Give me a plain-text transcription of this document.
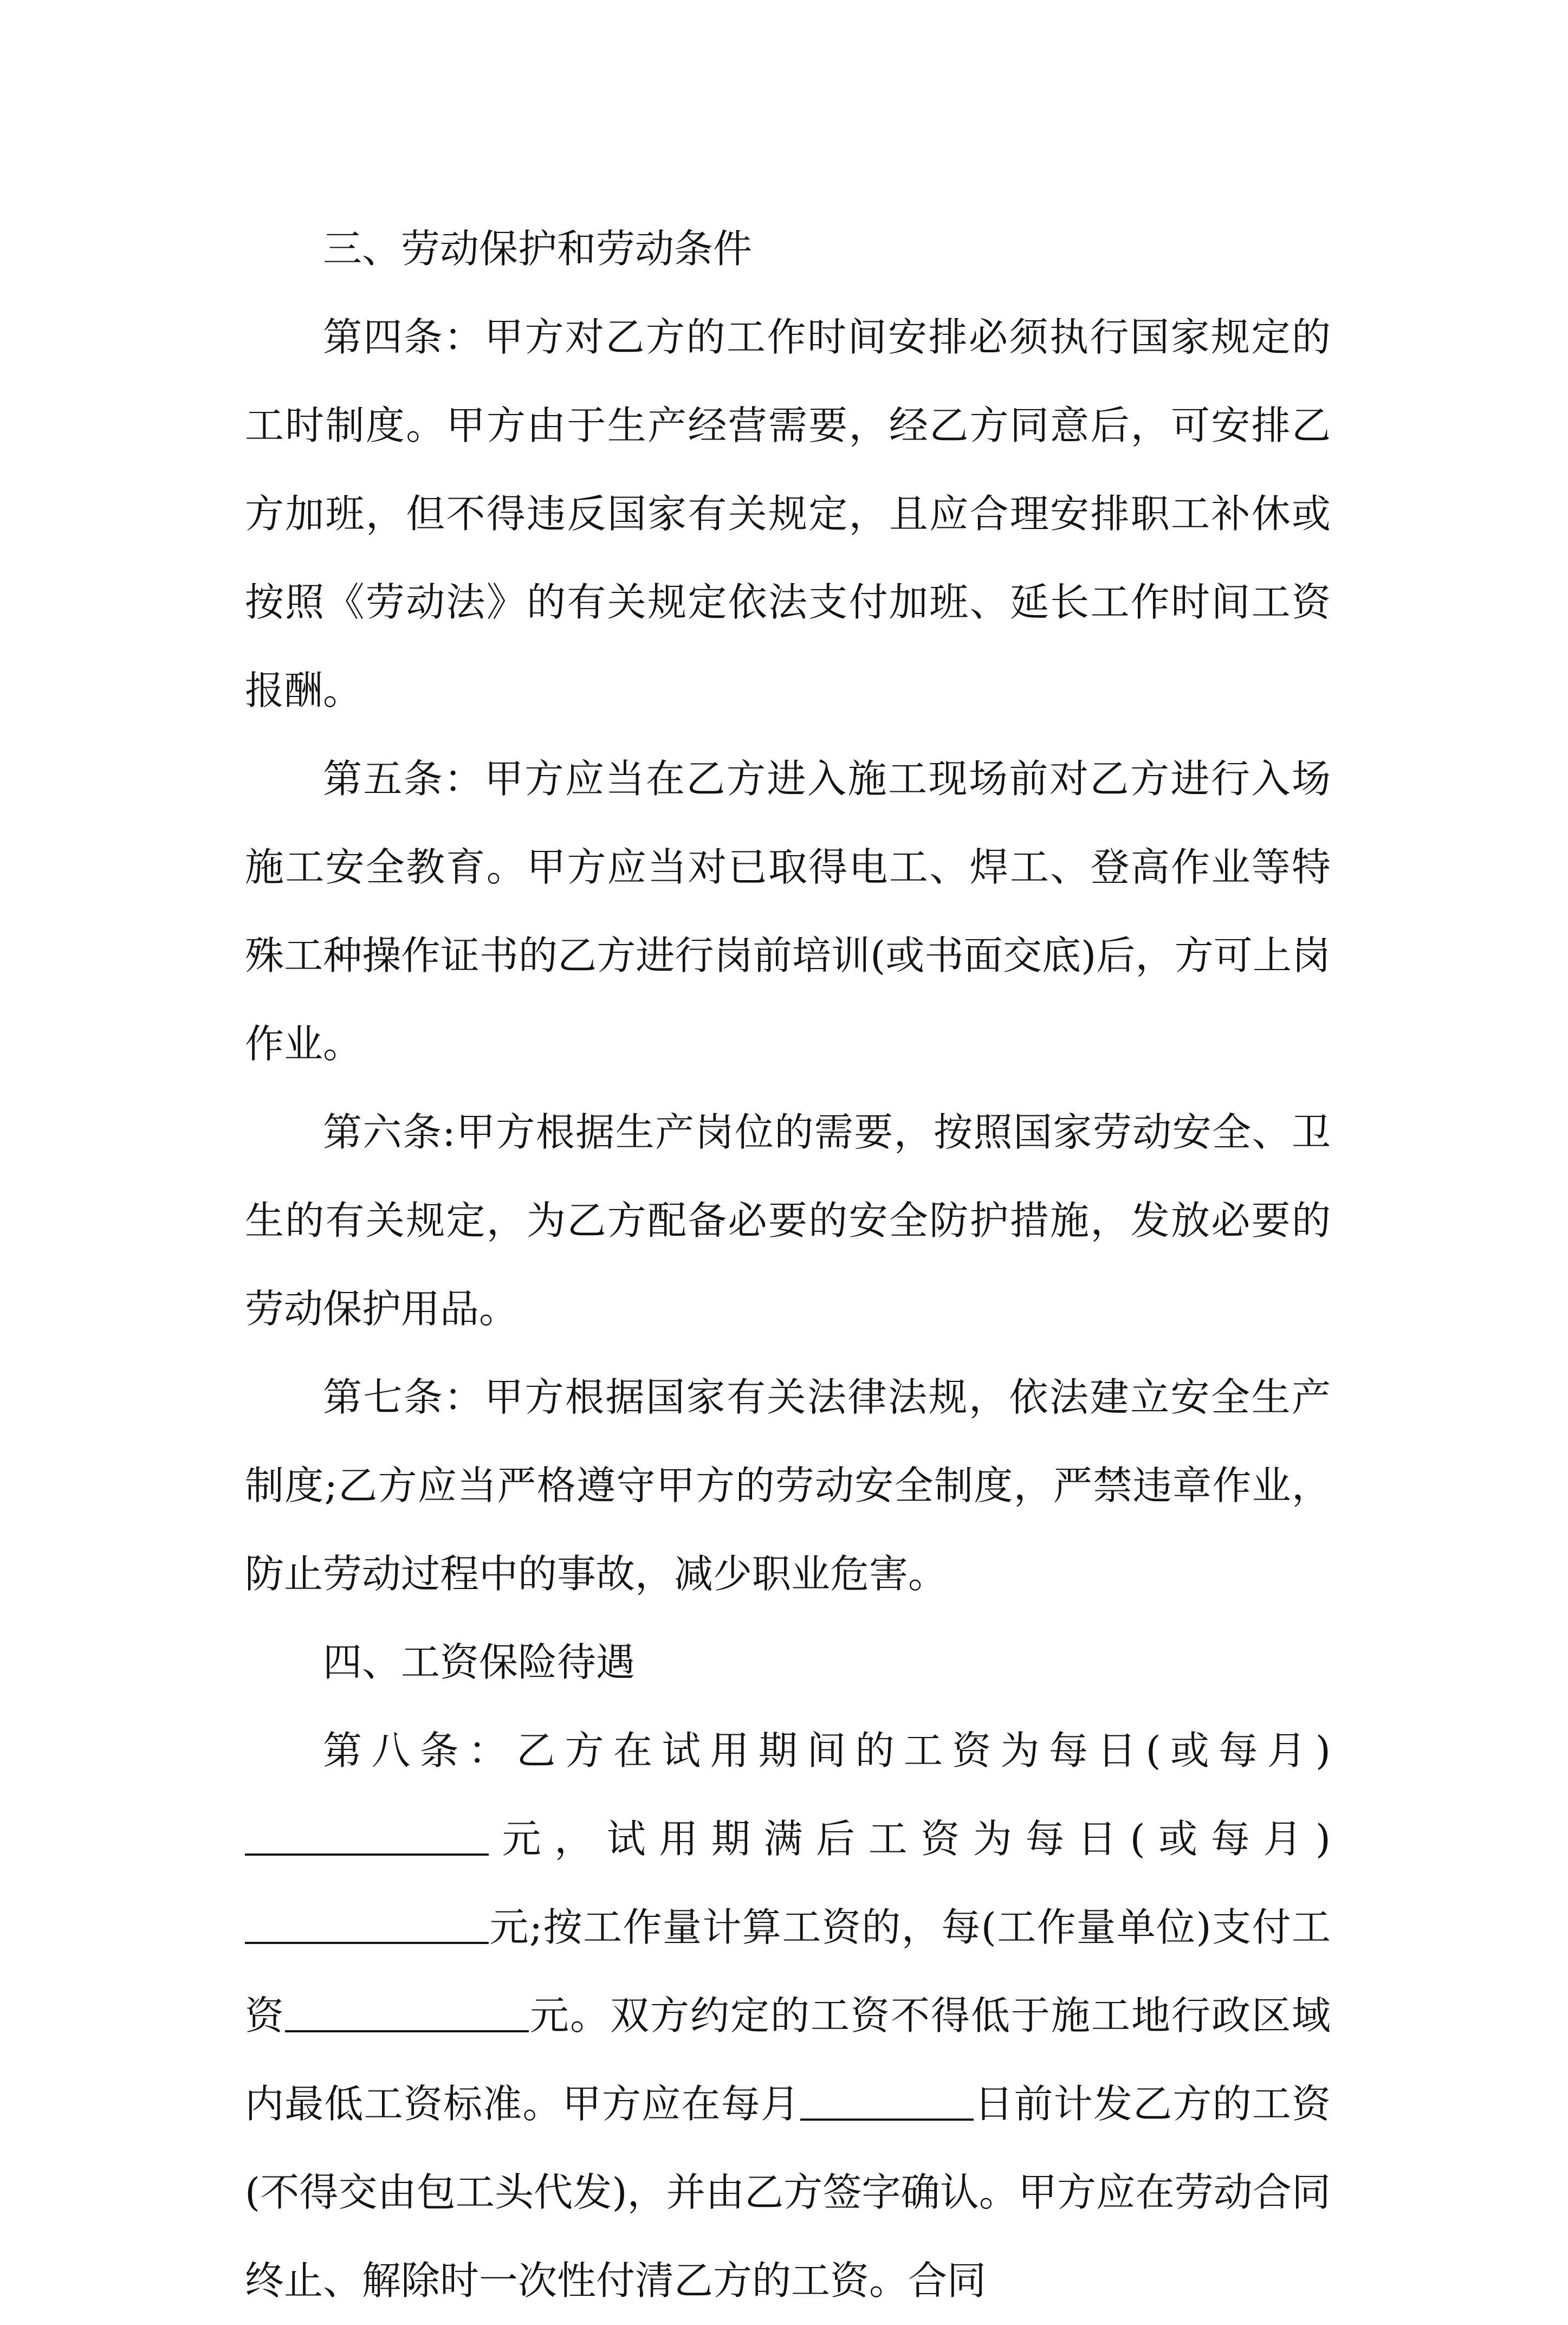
三、劳动保护和劳动条件

第四条：甲方对乙方的工作时间安排必须执行国家规定的工时制度。甲方由于生产经营需要，经乙方同意后，可安排乙方加班，但不得违反国家有关规定，且应合理安排职工补休或按照《劳动法》的有关规定依法支付加班、延长工作时间工资报酬。

第五条：甲方应当在乙方进入施工现场前对乙方进行入场施工安全教育。甲方应当对已取得电工、焊工、登高作业等特殊工种操作证书的乙方进行岗前培训(或书面交底)后，方可上岗作业。

第六条:甲方根据生产岗位的需要，按照国家劳动安全、卫生的有关规定，为乙方配备必要的安全防护措施，发放必要的劳动保护用品。

第七条：甲方根据国家有关法律法规，依法建立安全生产制度;乙方应当严格遵守甲方的劳动安全制度，严禁违章作业，防止劳动过程中的事故，减少职业危害。

四、工资保险待遇

第八条：乙方在试用期间的工资为每日(或每月)元，试用期满后工资为每日(或每月)元;按工作量计算工资的，每(工作量单位)支付工资	元。双方约定的工资不得低于施工地行政区域内最低工资标准。甲方应在每月	日前计发乙方的工资(不得交由包工头代发)，并由乙方签字确认。甲方应在劳动合同终止、解除时一次性付清乙方的工资。合同
